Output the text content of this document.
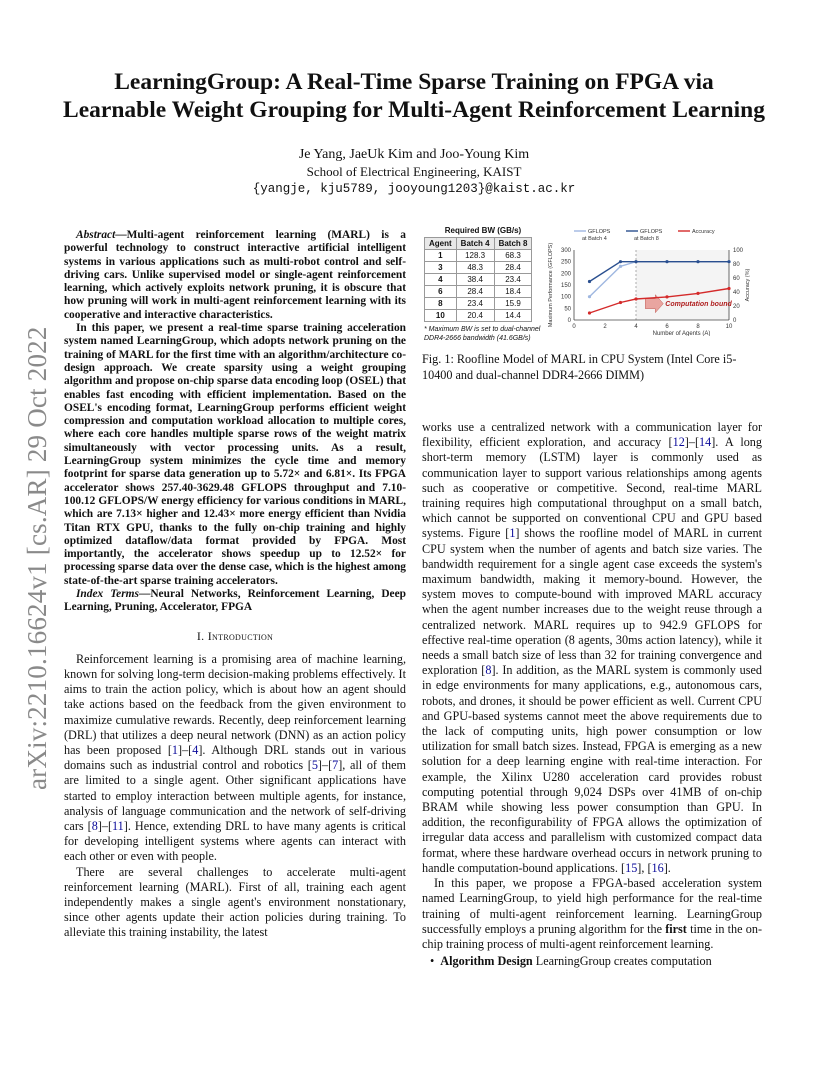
arXiv:2210.16624v1 [cs.AR] 29 Oct 2022
LearningGroup: A Real-Time Sparse Training on FPGA via
Learnable Weight Grouping for Multi-Agent Reinforcement Learning
Je Yang, JaeUk Kim and Joo-Young Kim
School of Electrical Engineering, KAIST
{yangje, kju5789, jooyoung1203}@kaist.ac.kr

Abstract—Multi-agent reinforcement learning (MARL) is a powerful technology to construct interactive artificial intelligent systems in various applications such as multi-robot control and self-driving cars. Unlike supervised model or single-agent reinforcement learning, which actively exploits network pruning, it is obscure that how pruning will work in multi-agent reinforcement learning with its cooperative and interactive characteristics.

In this paper, we present a real-time sparse training acceleration system named LearningGroup, which adopts network pruning on the training of MARL for the first time with an algorithm/architecture co-design approach. We create sparsity using a weight grouping algorithm and propose on-chip sparse data encoding loop (OSEL) that enables fast encoding with efficient implementation. Based on the OSEL's encoding format, LearningGroup performs efficient weight compression and computation workload allocation to multiple cores, where each core handles multiple sparse rows of the weight matrix simultaneously with vector processing units. As a result, LearningGroup system minimizes the cycle time and memory footprint for sparse data generation up to 5.72× and 6.81×. Its FPGA accelerator shows 257.40-3629.48 GFLOPS throughput and 7.10-100.12 GFLOPS/W energy efficiency for various conditions in MARL, which are 7.13× higher and 12.43× more energy efficient than Nvidia Titan RTX GPU, thanks to the fully on-chip training and highly optimized dataflow/data format provided by FPGA. Most importantly, the accelerator shows speedup up to 12.52× for processing sparse data over the dense case, which is the highest among state-of-the-art sparse training accelerators.

Index Terms—Neural Networks, Reinforcement Learning, Deep Learning, Pruning, Accelerator, FPGA

I. Introduction

Reinforcement learning is a promising area of machine learning, known for solving long-term decision-making problems effectively. It aims to train the action policy, which is about how an agent should take actions based on the feedback from the given environment to maximize cumulative rewards. Recently, deep reinforcement learning (DRL) that utilizes a deep neural network (DNN) as an action policy has been proposed [ 1 ] – [ 4 ] . Although DRL stands out in various domains such as industrial control and robotics [ 5 ] – [ 7 ] , all of them are limited to a single agent. Other significant applications have started to employ interaction between multiple agents, for instance, analysis of language communication and the network of self-driving cars [ 8 ] – [ 11 ] . Hence, extending DRL to have many agents is critical for developing intelligent systems where agents can interact with each other or even with people.

There are several challenges to accelerate multi-agent reinforcement learning (MARL). First of all, training each agent independently makes a single agent's environment nonstationary, since other agents update their action policies during training. To alleviate this training instability, the latest

Required BW (GB/s)
Agent	Batch 4	Batch 8
1	128.3	68.3
3	48.3	28.4
4	38.4	23.4
6	28.4	18.4
8	23.4	15.9
10	20.4	14.4
* Maximum BW is set to dual-channel
DDR4-2666 bandwidth (41.6GB/s)
0	2	4	6	8	10
0
50
100
150
200
250
300
0
20
40
60
80
100
Number of Agents (A)
Maximum Performance (GFLOPS)	Accuracy (%)
Computation bound
GFLOPS
at Batch 4
GFLOPS
at Batch 8
Accuracy
Fig. 1: Roofline Model of MARL in CPU System (Intel Core i5-10400 and dual-channel DDR4-2666 DIMM)

works use a centralized network with a communication layer for flexibility, efficient exploration, and accuracy [ 12 ] – [ 14 ] . A long short-term memory (LSTM) layer is commonly used as communication layer to support various relationships among agents such as cooperative or competitive. Second, real-time MARL training requires high computational throughput on a small batch, which cannot be supported on conventional CPU and GPU based systems. Figure [ 1 ] shows the roofline model of MARL in current CPU system when the number of agents and batch size varies. The bandwidth requirement for a single agent case exceeds the system's maximum bandwidth, making it memory-bound. However, the system moves to compute-bound with improved MARL accuracy when the agent number increases due to the weight reuse through a centralized network. MARL requires up to 942.9 GFLOPS for effective real-time operation (8 agents, 30ms action latency), while it needs a small batch size of less than 32 for training convergence and exploration [ 8 ] . In addition, as the MARL system is commonly used in edge environments for many applications, e.g., autonomous cars, robots, and drones, it should be power efficient as well. Current CPU and GPU-based systems cannot meet the above requirements due to the lack of computing units, high power consumption or low utilization for small batch sizes. Instead, FPGA is emerging as a new solution for a deep learning engine with real-time interaction. For example, the Xilinx U280 acceleration card provides robust computing potential through 9,024 DSPs over 41MB of on-chip BRAM while showing less power consumption than GPU. In addition, the reconfigurability of FPGA allows the optimization of irregular data access and parallelism with customized compact data format, where these hardware overhead occurs in network pruning to handle computation-bound applications. [ 15 ] , [ 16 ] .

In this paper, we propose a FPGA-based acceleration system named LearningGroup, to yield high performance for the real-time training of multi-agent reinforcement learning. LearningGroup successfully employs a pruning algorithm for the first time in the on-chip training process of multi-agent reinforcement learning.

• Algorithm Design LearningGroup creates computation
